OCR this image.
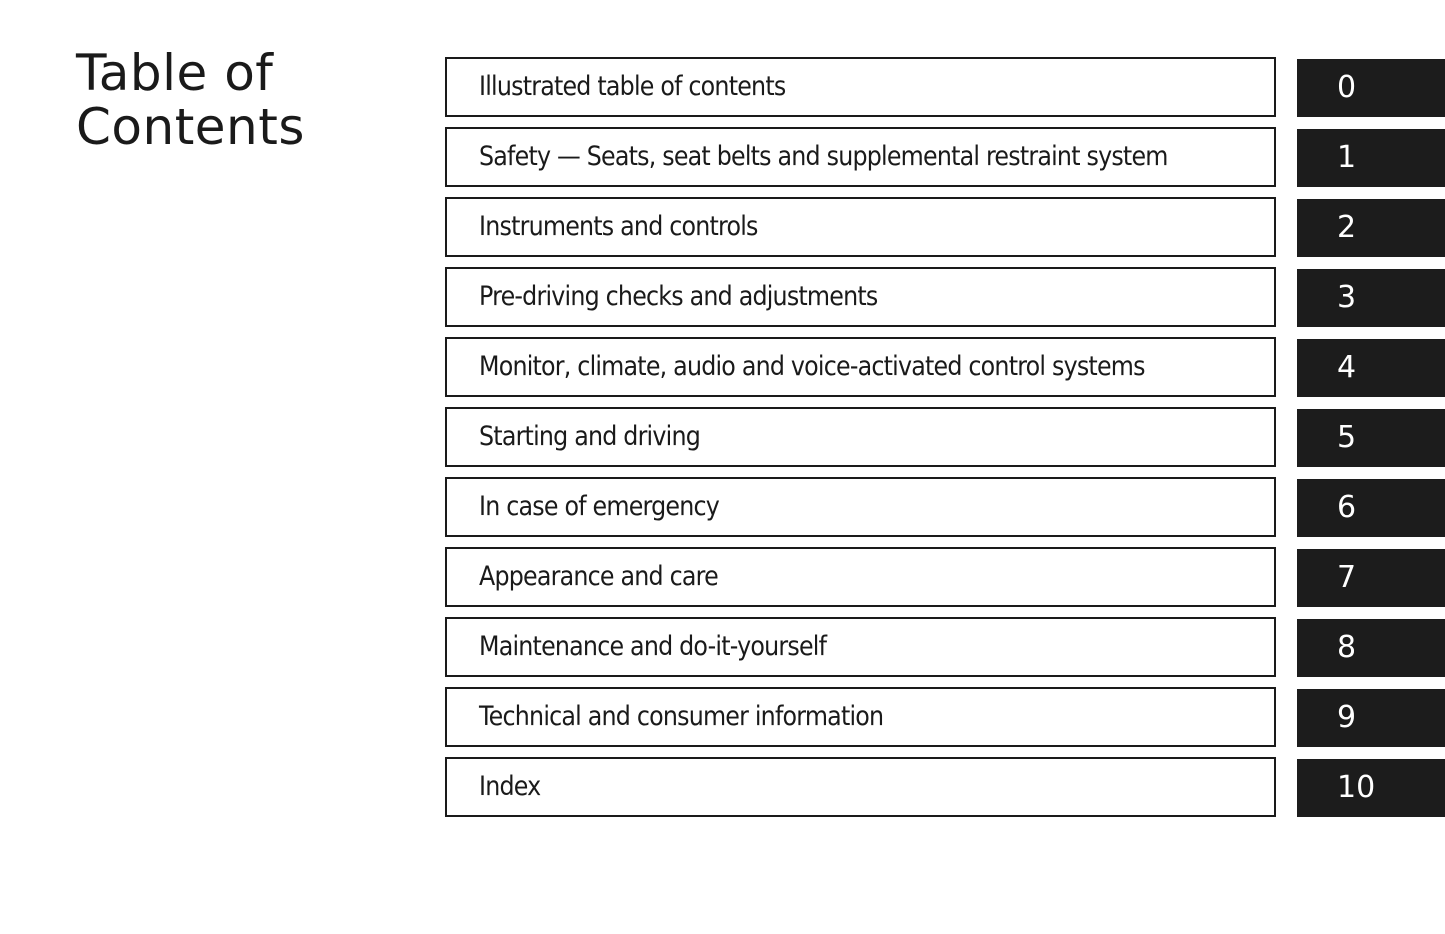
Table of
Contents
Illustrated table of contents	0
Safety — Seats, seat belts and supplemental restraint system	1
Instruments and controls	2
Pre-driving checks and adjustments	3
Monitor, climate, audio and voice-activated control systems	4
Starting and driving	5
In case of emergency	6
Appearance and care	7
Maintenance and do-it-yourself	8
Technical and consumer information	9
Index	10
